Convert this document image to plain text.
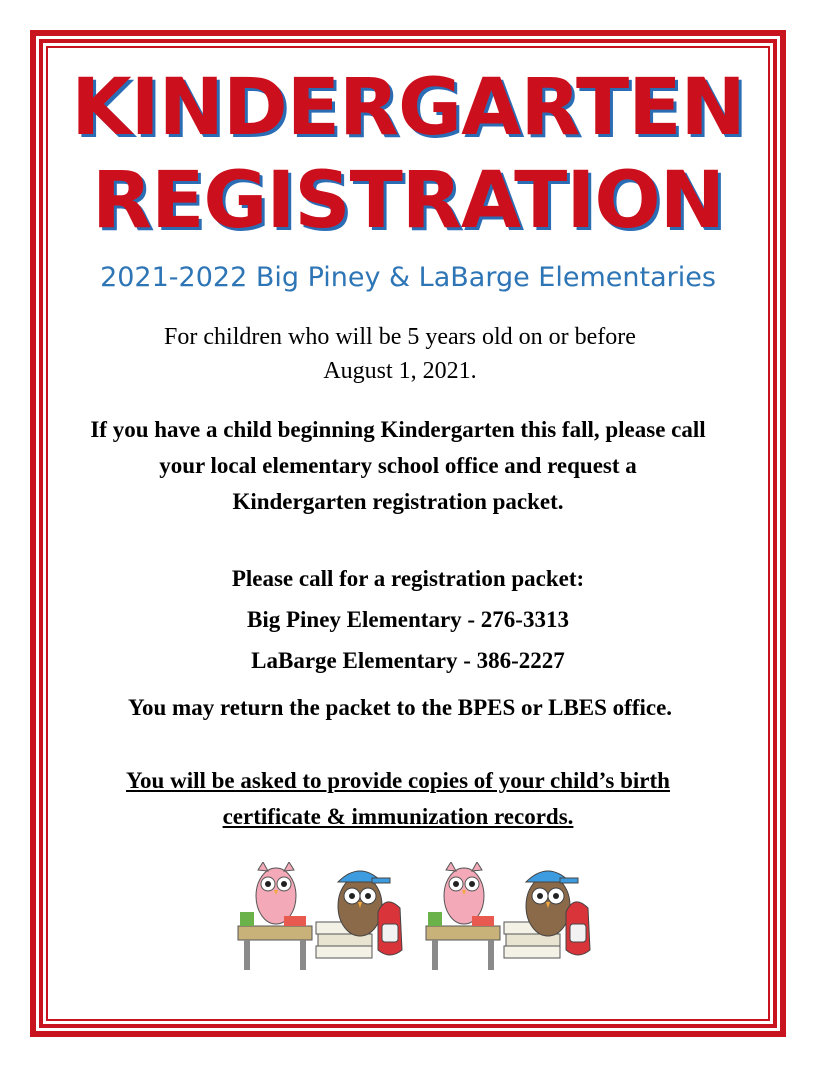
KINDERGARTEN
REGISTRATION
2021-2022 Big Piney & LaBarge Elementaries
For children who will be 5 years old on or before August 1, 2021.
If you have a child beginning Kindergarten this fall, please call your local elementary school office and request a Kindergarten registration packet.
Please call for a registration packet:
Big Piney Elementary - 276-3313
LaBarge Elementary - 386-2227
You may return the packet to the BPES or LBES office.
You will be asked to provide copies of your child’s birth certificate & immunization records.
